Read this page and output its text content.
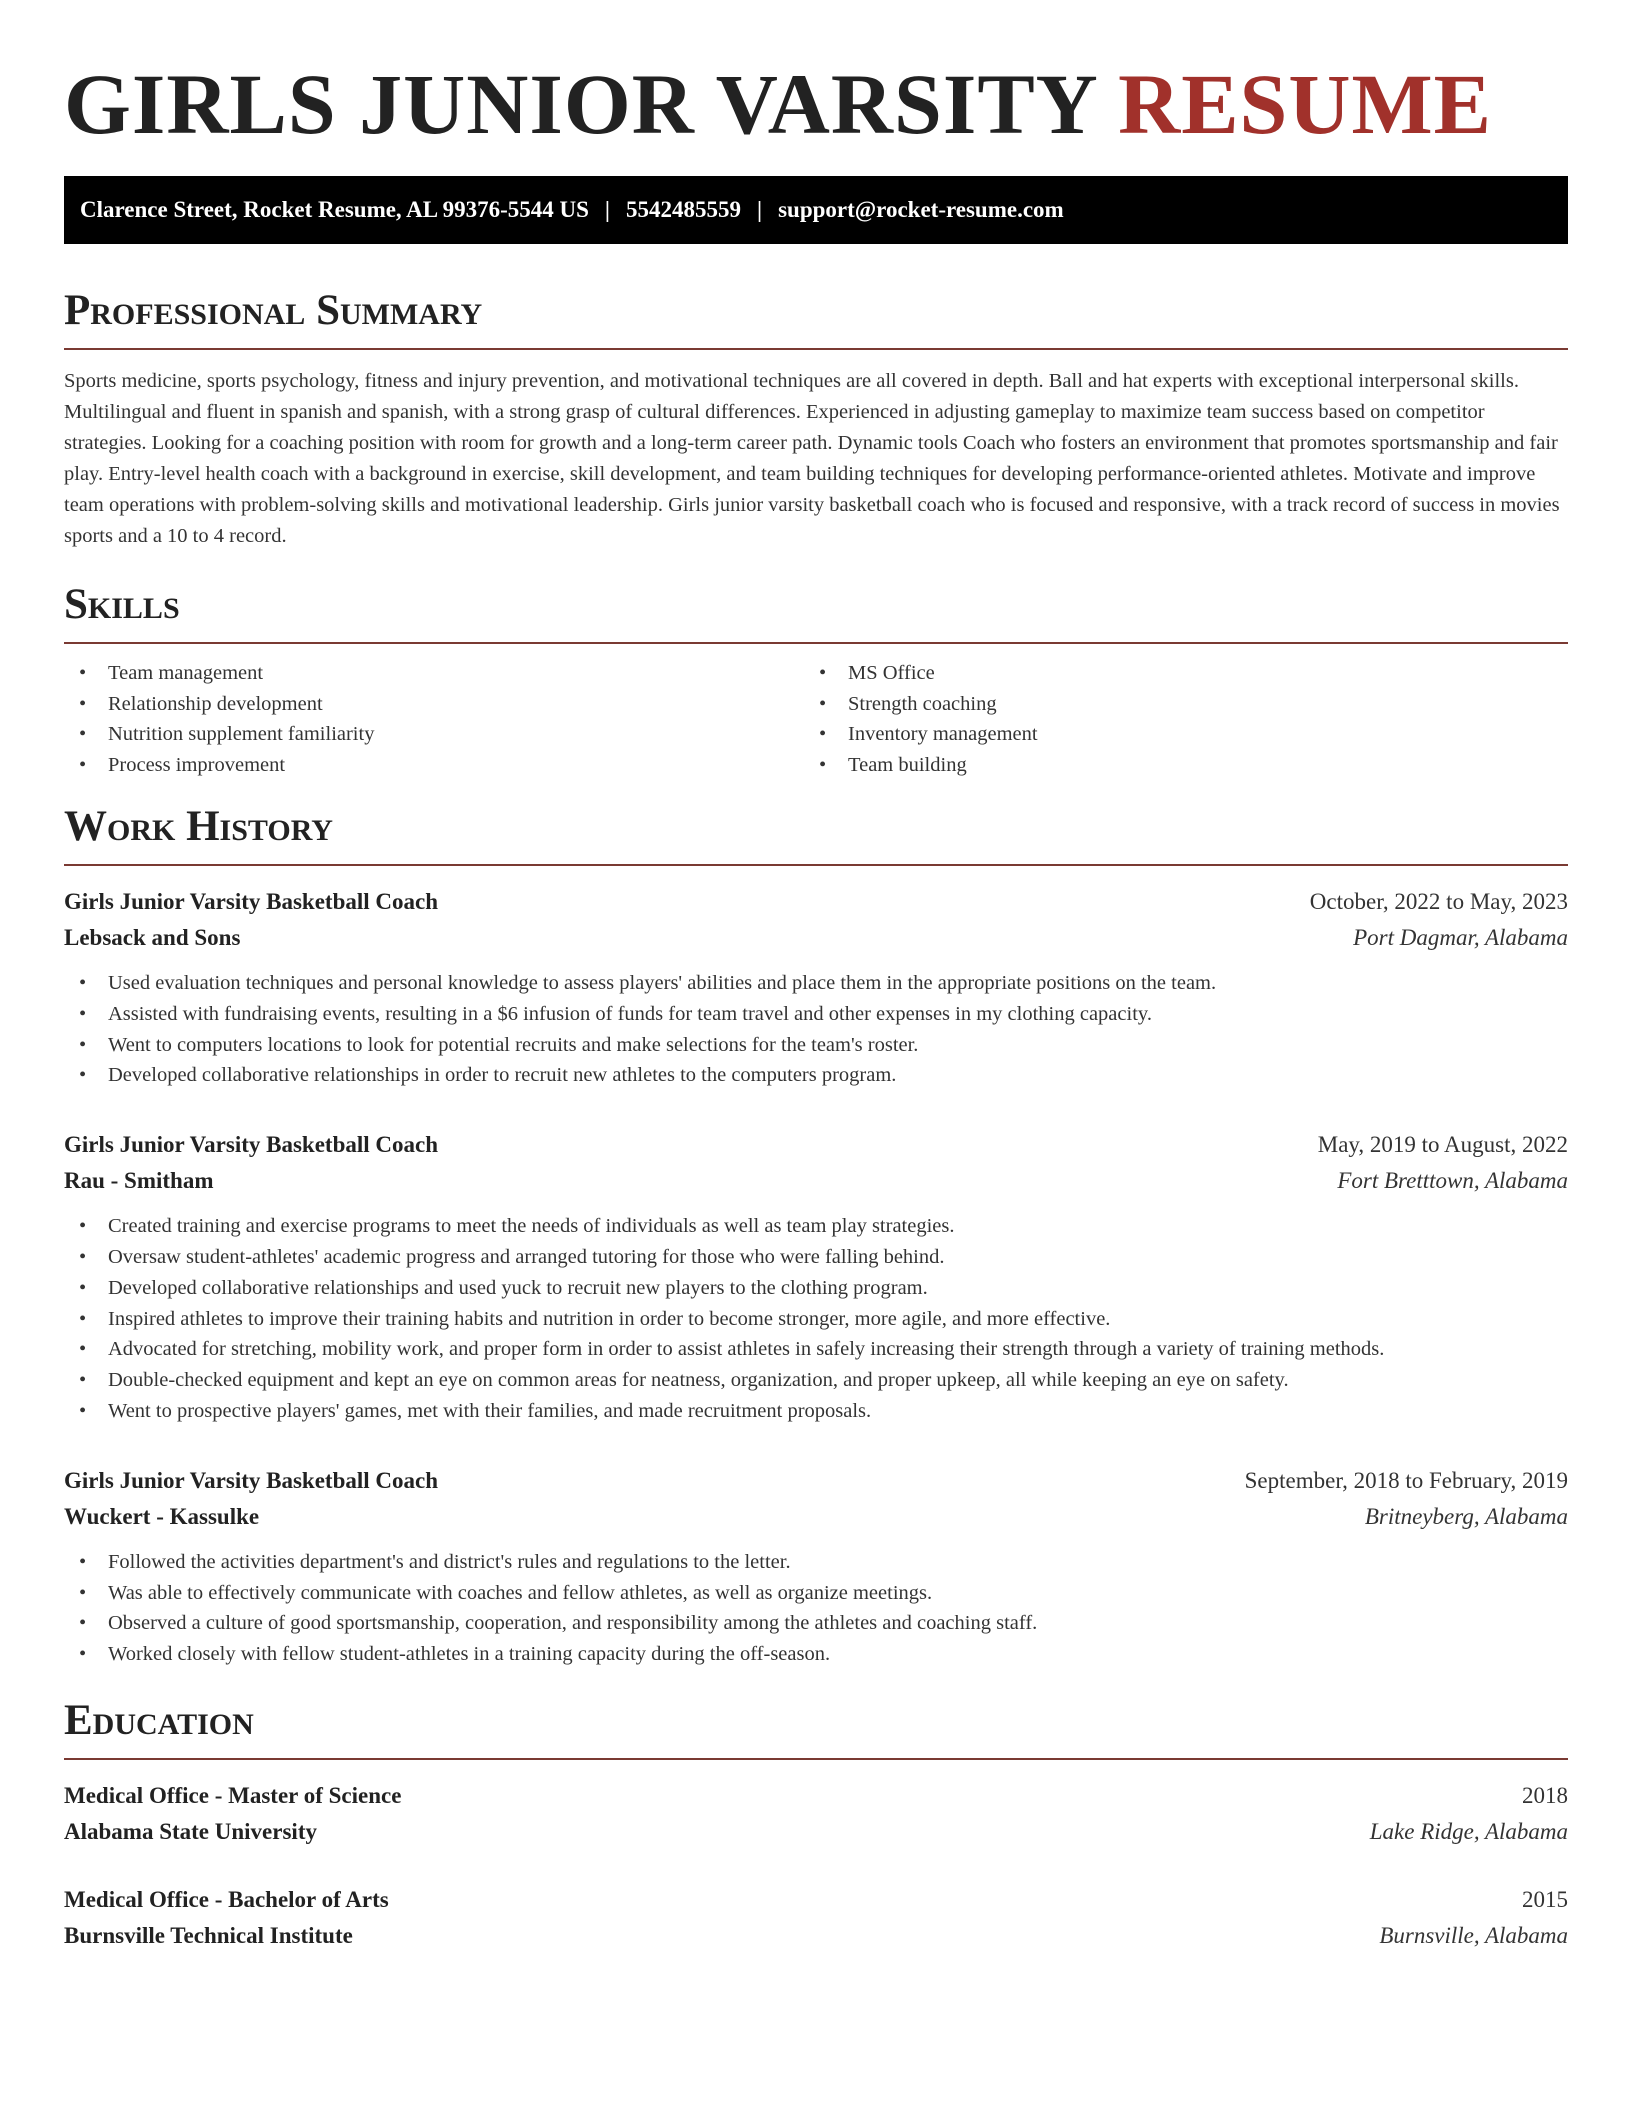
GIRLS JUNIOR VARSITY RESUME
Clarence Street, Rocket Resume, AL 99376-5544 US | 5542485559 | support@rocket-resume.com
Professional Summary

Sports medicine, sports psychology, fitness and injury prevention, and motivational techniques are all covered in depth. Ball and hat experts with exceptional interpersonal skills. Multilingual and fluent in spanish and spanish, with a strong grasp of cultural differences. Experienced in adjusting gameplay to maximize team success based on competitor strategies. Looking for a coaching position with room for growth and a long-term career path. Dynamic tools Coach who fosters an environment that promotes sportsmanship and fair play. Entry-level health coach with a background in exercise, skill development, and team building techniques for developing performance-oriented athletes. Motivate and improve team operations with problem-solving skills and motivational leadership. Girls junior varsity basketball coach who is focused and responsive, with a track record of success in movies sports and a 10 to 4 record.

Skills
• Team management
• Relationship development
• Nutrition supplement familiarity
• Process improvement
• MS Office
• Strength coaching
• Inventory management
• Team building
Work History
Girls Junior Varsity Basketball Coach	October, 2022 to May, 2023
Lebsack and Sons	Port Dagmar, Alabama
• Used evaluation techniques and personal knowledge to assess players' abilities and place them in the appropriate positions on the team.
• Assisted with fundraising events, resulting in a $6 infusion of funds for team travel and other expenses in my clothing capacity.
• Went to computers locations to look for potential recruits and make selections for the team's roster.
• Developed collaborative relationships in order to recruit new athletes to the computers program.
Girls Junior Varsity Basketball Coach	May, 2019 to August, 2022
Rau - Smitham	Fort Bretttown, Alabama
• Created training and exercise programs to meet the needs of individuals as well as team play strategies.
• Oversaw student-athletes' academic progress and arranged tutoring for those who were falling behind.
• Developed collaborative relationships and used yuck to recruit new players to the clothing program.
• Inspired athletes to improve their training habits and nutrition in order to become stronger, more agile, and more effective.
• Advocated for stretching, mobility work, and proper form in order to assist athletes in safely increasing their strength through a variety of training methods.
• Double-checked equipment and kept an eye on common areas for neatness, organization, and proper upkeep, all while keeping an eye on safety.
• Went to prospective players' games, met with their families, and made recruitment proposals.
Girls Junior Varsity Basketball Coach	September, 2018 to February, 2019
Wuckert - Kassulke	Britneyberg, Alabama
• Followed the activities department's and district's rules and regulations to the letter.
• Was able to effectively communicate with coaches and fellow athletes, as well as organize meetings.
• Observed a culture of good sportsmanship, cooperation, and responsibility among the athletes and coaching staff.
• Worked closely with fellow student-athletes in a training capacity during the off-season.
Education
Medical Office - Master of Science	2018
Alabama State University	Lake Ridge, Alabama
Medical Office - Bachelor of Arts	2015
Burnsville Technical Institute	Burnsville, Alabama
